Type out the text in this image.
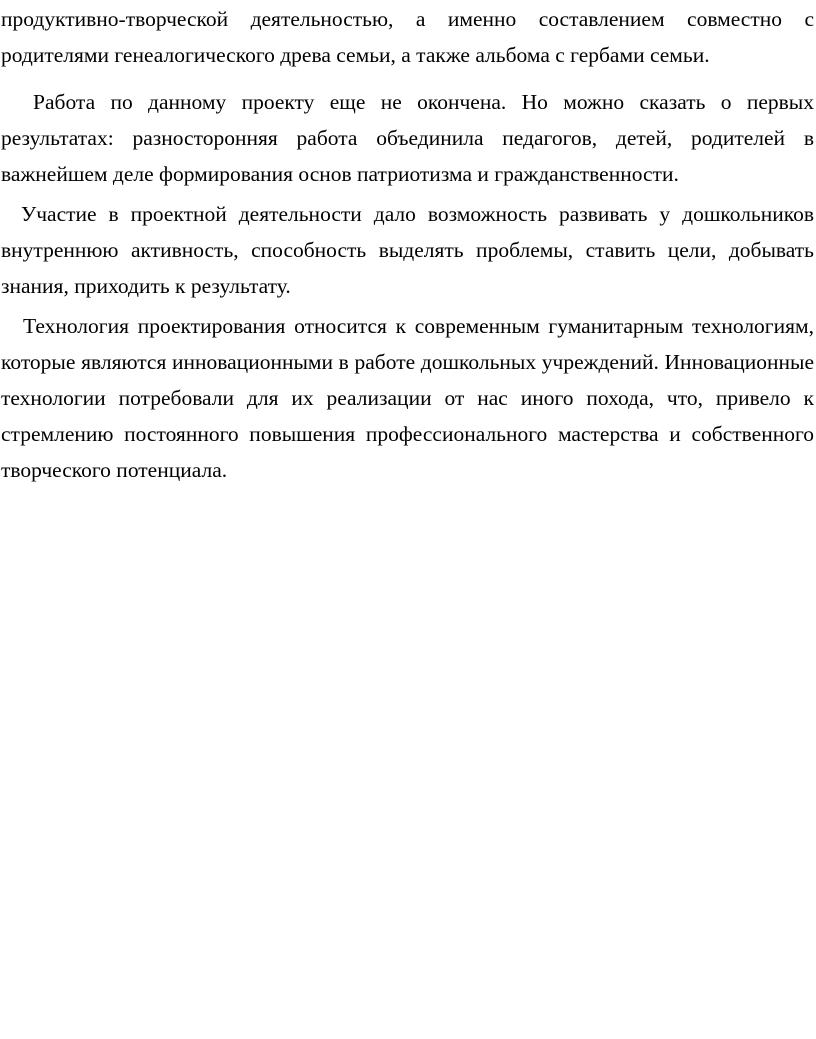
продуктивно-творческой деятельностью, а именно составлением совместно с родителями генеалогического древа семьи, а также альбома с гербами семьи.

Работа по данному проекту еще не окончена. Но можно сказать о первых результатах: разносторонняя работа объединила педагогов, детей, родителей в важнейшем деле формирования основ патриотизма и гражданственности.

Участие в проектной деятельности дало возможность развивать у дошкольников внутреннюю активность, способность выделять проблемы, ставить цели, добывать знания, приходить к результату.

Технология проектирования относится к современным гуманитарным технологиям, которые являются инновационными в работе дошкольных учреждений. Инновационные технологии потребовали для их реализации от нас иного похода, что, привело к стремлению постоянного повышения профессионального мастерства и собственного творческого потенциала.
